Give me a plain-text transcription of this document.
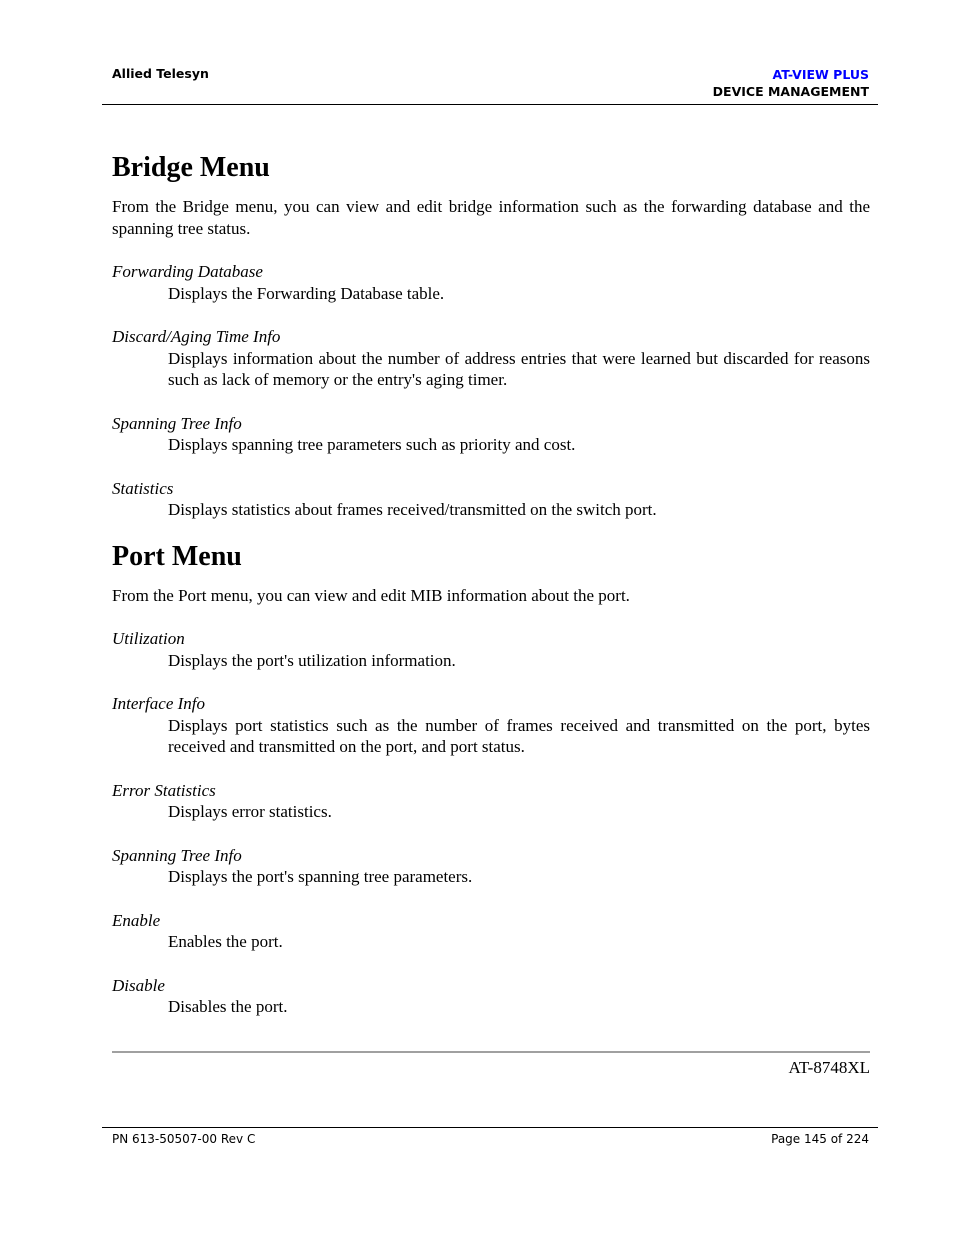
Allied Telesyn	AT-VIEW PLUS
DEVICE MANAGEMENT
Bridge Menu

From the Bridge menu, you can view and edit bridge information such as the forwarding database and the spanning tree status.

Forwarding Database

Displays the Forwarding Database table.

Discard/Aging Time Info

Displays information about the number of address entries that were learned but discarded for reasons such as lack of memory or the entry's aging timer.

Spanning Tree Info

Displays spanning tree parameters such as priority and cost.

Statistics

Displays statistics about frames received/transmitted on the switch port.

Port Menu

From the Port menu, you can view and edit MIB information about the port.

Utilization

Displays the port's utilization information.

Interface Info

Displays port statistics such as the number of frames received and transmitted on the port, bytes received and transmitted on the port, and port status.

Error Statistics

Displays error statistics.

Spanning Tree Info

Displays the port's spanning tree parameters.

Enable

Enables the port.

Disable

Disables the port.

AT-8748XL
PN 613-50507-00 Rev C	Page 145 of 224
